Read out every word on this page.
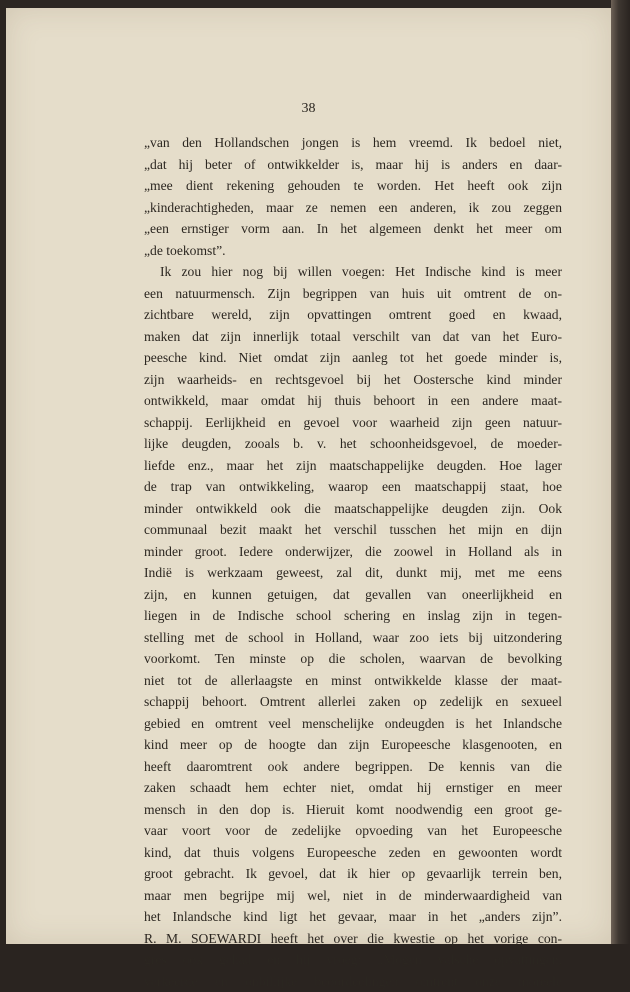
38
„van den Hollandschen jongen is hem vreemd. Ik bedoel niet,
„dat hij beter of ontwikkelder is, maar hij is anders en daar-
„mee dient rekening gehouden te worden. Het heeft ook zijn
„kinderachtigheden, maar ze nemen een anderen, ik zou zeggen
„een ernstiger vorm aan. In het algemeen denkt het meer om
„de toekomst”.
Ik zou hier nog bij willen voegen: Het Indische kind is meer
een natuurmensch. Zijn begrippen van huis uit omtrent de on-
zichtbare wereld, zijn opvattingen omtrent goed en kwaad,
maken dat zijn innerlijk totaal verschilt van dat van het Euro-
peesche kind. Niet omdat zijn aanleg tot het goede minder is,
zijn waarheids- en rechtsgevoel bij het Oostersche kind minder
ontwikkeld, maar omdat hij thuis behoort in een andere maat-
schappij. Eerlijkheid en gevoel voor waarheid zijn geen natuur-
lijke deugden, zooals b. v. het schoonheidsgevoel, de moeder-
liefde enz., maar het zijn maatschappelijke deugden. Hoe lager
de trap van ontwikkeling, waarop een maatschappij staat, hoe
minder ontwikkeld ook die maatschappelijke deugden zijn. Ook
communaal bezit maakt het verschil tusschen het mijn en dijn
minder groot. Iedere onderwijzer, die zoowel in Holland als in
Indië is werkzaam geweest, zal dit, dunkt mij, met me eens
zijn, en kunnen getuigen, dat gevallen van oneerlijkheid en
liegen in de Indische school schering en inslag zijn in tegen-
stelling met de school in Holland, waar zoo iets bij uitzondering
voorkomt. Ten minste op die scholen, waarvan de bevolking
niet tot de allerlaagste en minst ontwikkelde klasse der maat-
schappij behoort. Omtrent allerlei zaken op zedelijk en sexueel
gebied en omtrent veel menschelijke ondeugden is het Inlandsche
kind meer op de hoogte dan zijn Europeesche klasgenooten, en
heeft daaromtrent ook andere begrippen. De kennis van die
zaken schaadt hem echter niet, omdat hij ernstiger en meer
mensch in den dop is. Hieruit komt noodwendig een groot ge-
vaar voort voor de zedelijke opvoeding van het Europeesche
kind, dat thuis volgens Europeesche zeden en gewoonten wordt
groot gebracht. Ik gevoel, dat ik hier op gevaarlijk terrein ben,
maar men begrijpe mij wel, niet in de minderwaardigheid van
het Inlandsche kind ligt het gevaar, maar in het „anders zijn”.
R. M. SOEWARDI heeft het over die kwestie op het vorige con-
gres ook gehad en hij vroeg: „Mogen valsche opvattingen,
verkeerde en onbillijke beoordeelingen omtrent onze moreele
